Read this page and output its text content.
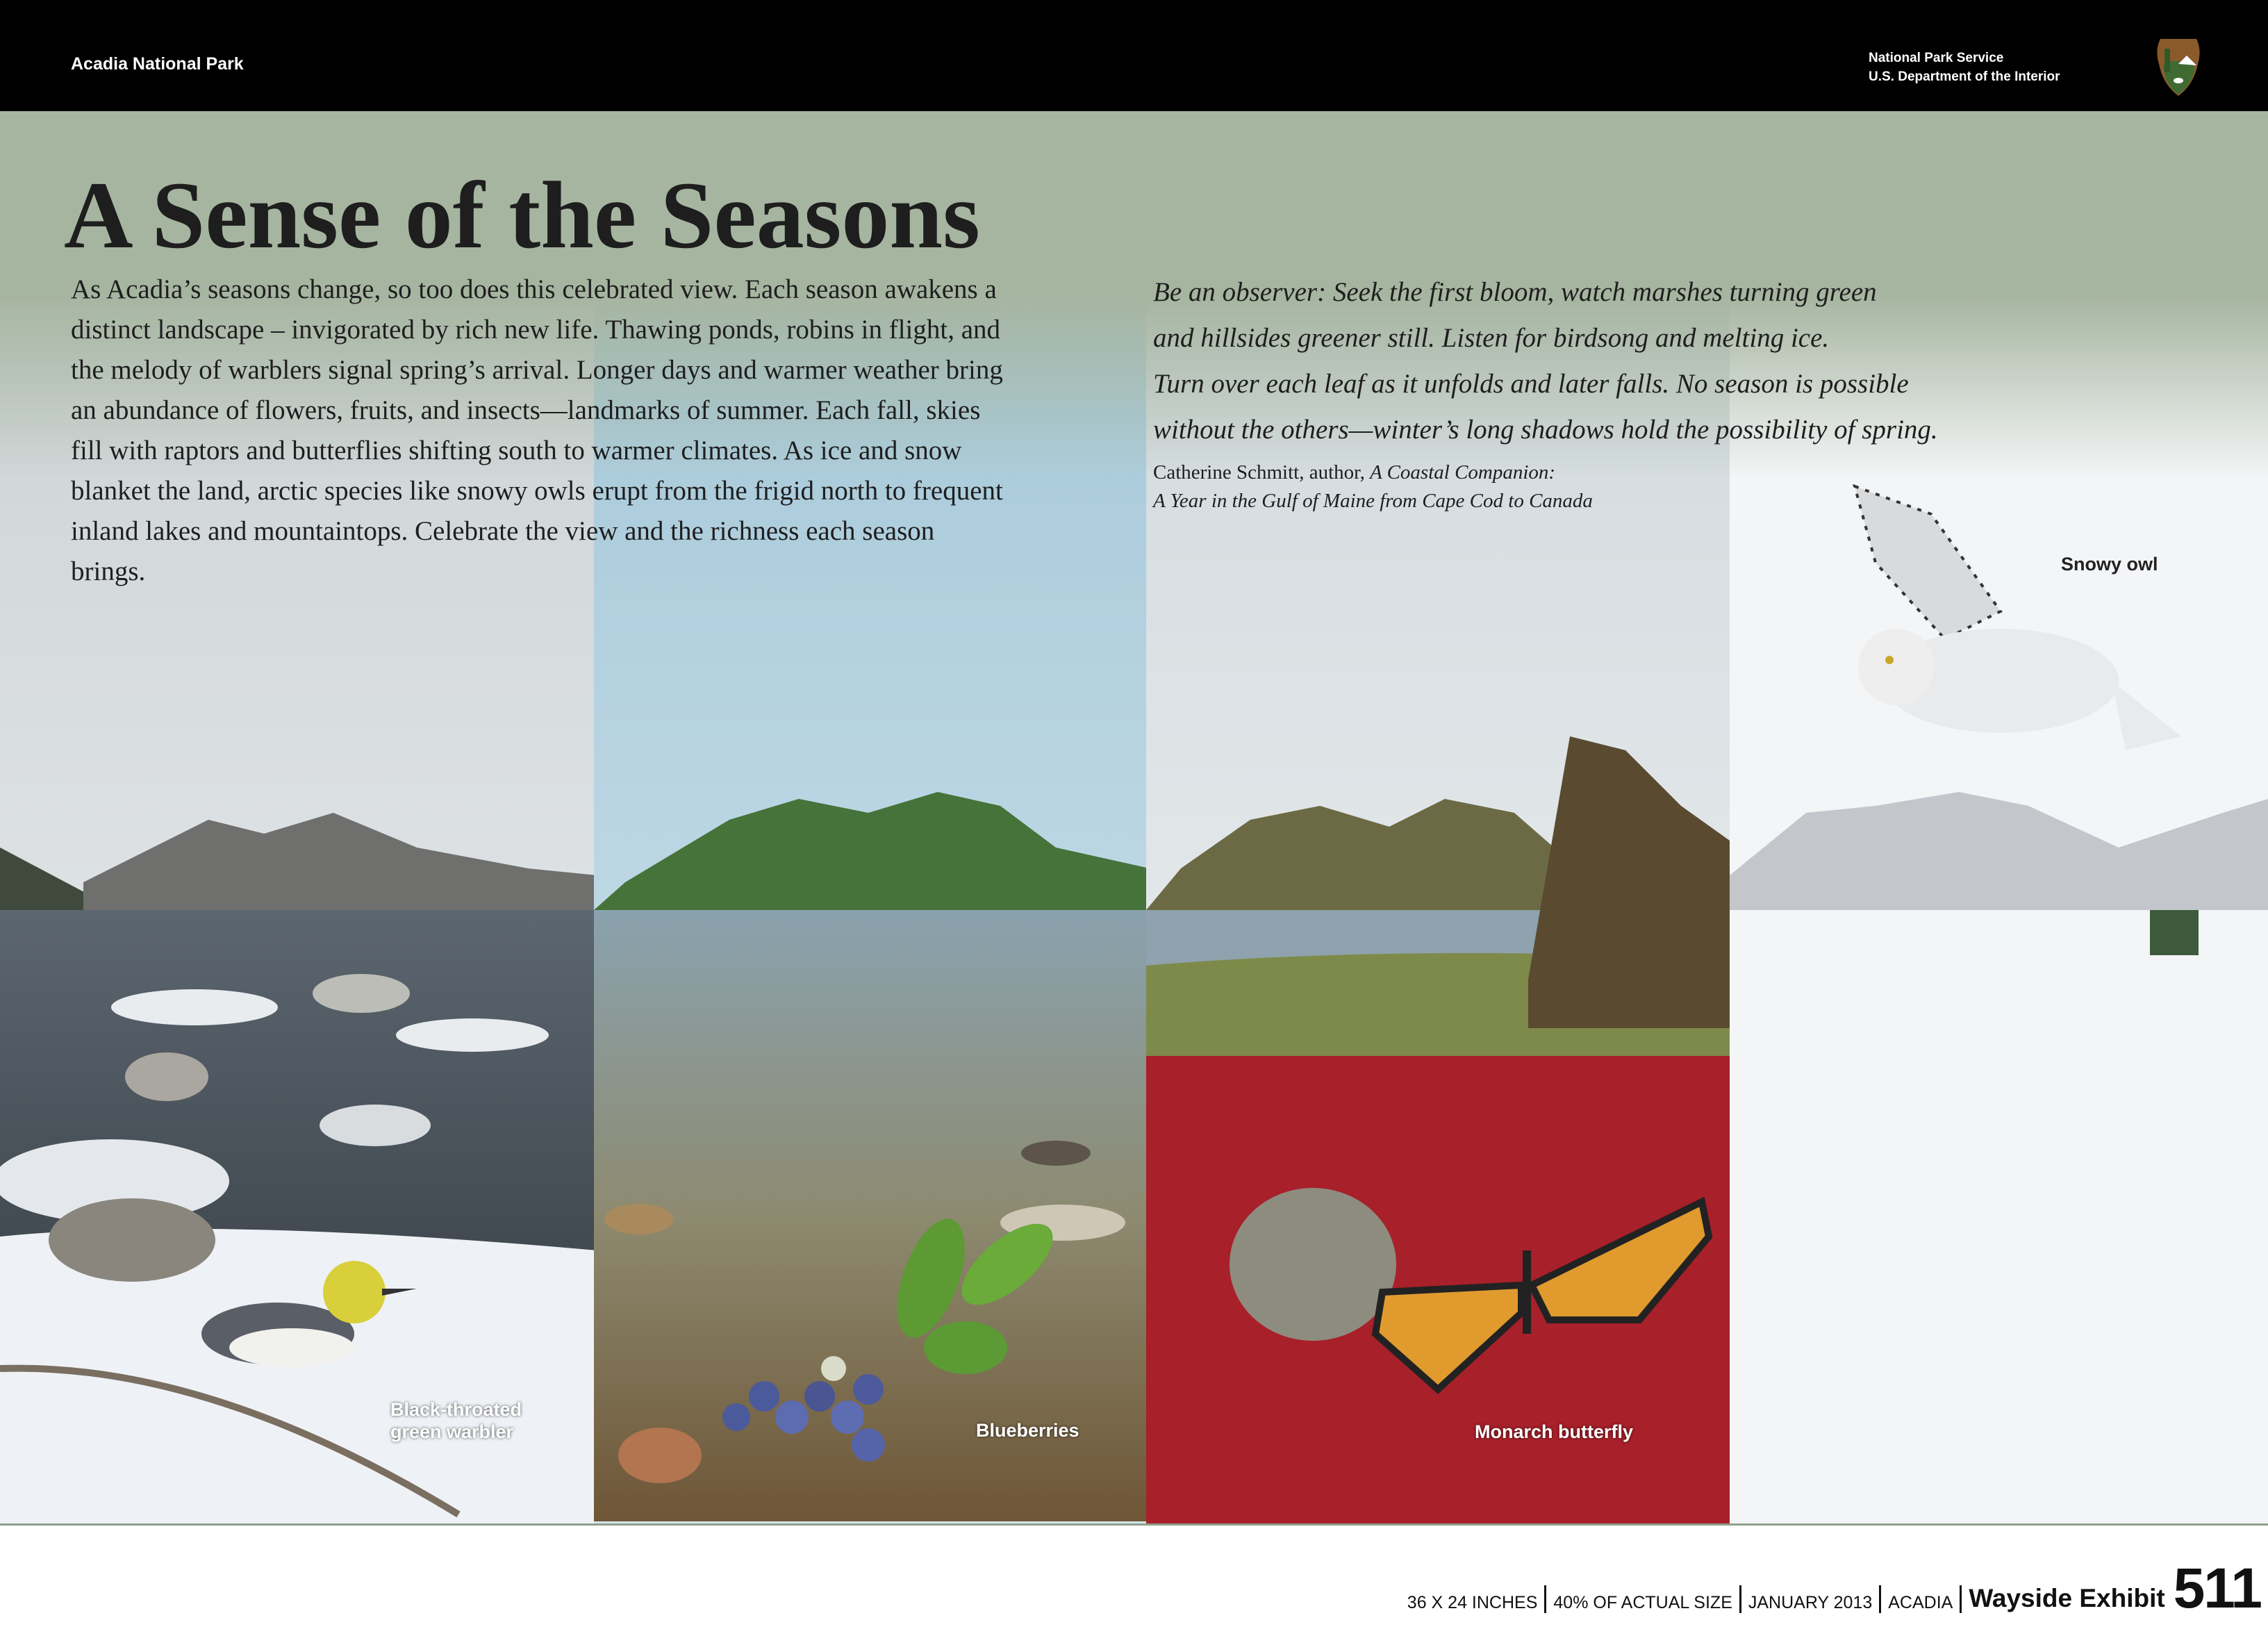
Acadia National Park	National Park Service
U.S. Department of the Interior
A Sense of the Seasons

As Acadia’s seasons change, so too does this celebrated view. Each season awakens a distinct landscape – invigorated by rich new life. Thawing ponds, robins in flight, and the melody of warblers signal spring’s arrival. Longer days and warmer weather bring an abundance of flowers, fruits, and insects—landmarks of summer. Each fall, skies fill with raptors and butterflies shifting south to warmer climates. As ice and snow blanket the land, arctic species like snowy owls erupt from the frigid north to frequent inland lakes and mountaintops. Celebrate the view and the richness each season brings.

Be an observer: Seek the first bloom, watch marshes turning green
and hillsides greener still. Listen for birdsong and melting ice.
Turn over each leaf as it unfolds and later falls. No season is possible
without the others—winter’s long shadows hold the possibility of spring.
Catherine Schmitt, author, A Coastal Companion:
A Year in the Gulf of Maine from Cape Cod to Canada
Black-throated
green warbler	Blueberries	Monarch butterfly
Snowy owl
36 X 24 INCHES 40% OF ACTUAL SIZE JANUARY 2013 ACADIA Wayside Exhibit 511
